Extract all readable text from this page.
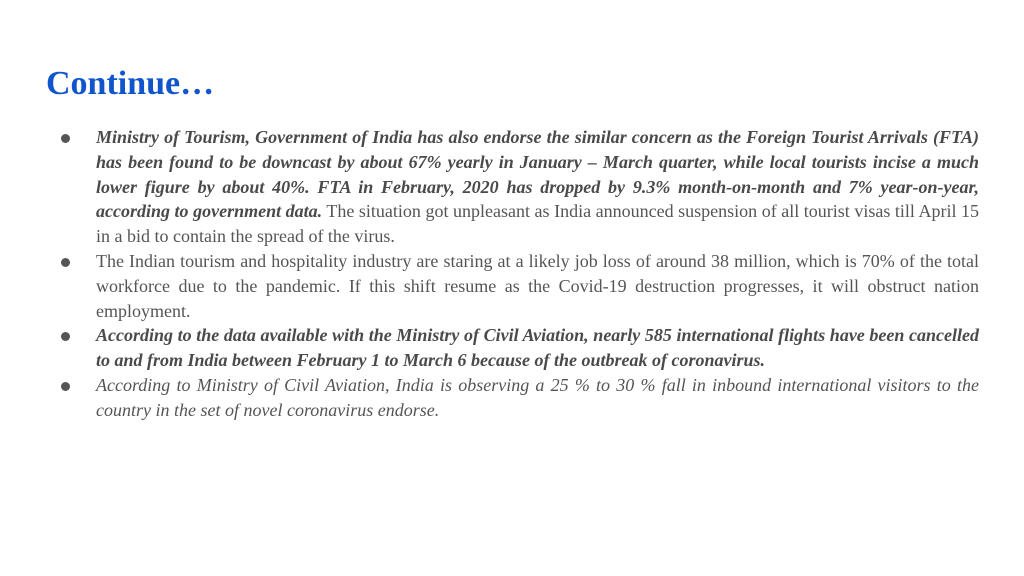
Continue…
Ministry of Tourism, Government of India has also endorse the similar concern as the Foreign Tourist Arrivals (FTA) has been found to be downcast by about 67% yearly in January – March quarter, while local tourists incise a much lower figure by about 40%. FTA in February, 2020 has dropped by 9.3% month-on-month and 7% year-on-year, according to government data. The situation got unpleasant as India announced suspension of all tourist visas till April 15 in a bid to contain the spread of the virus.
The Indian tourism and hospitality industry are staring at a likely job loss of around 38 million, which is 70% of the total workforce due to the pandemic. If this shift resume as the Covid-19 destruction progresses, it will obstruct nation employment.
According to the data available with the Ministry of Civil Aviation, nearly 585 international flights have been cancelled to and from India between February 1 to March 6 because of the outbreak of coronavirus.
According to Ministry of Civil Aviation, India is observing a 25 % to 30 % fall in inbound international visitors to the country in the set of novel coronavirus endorse.
